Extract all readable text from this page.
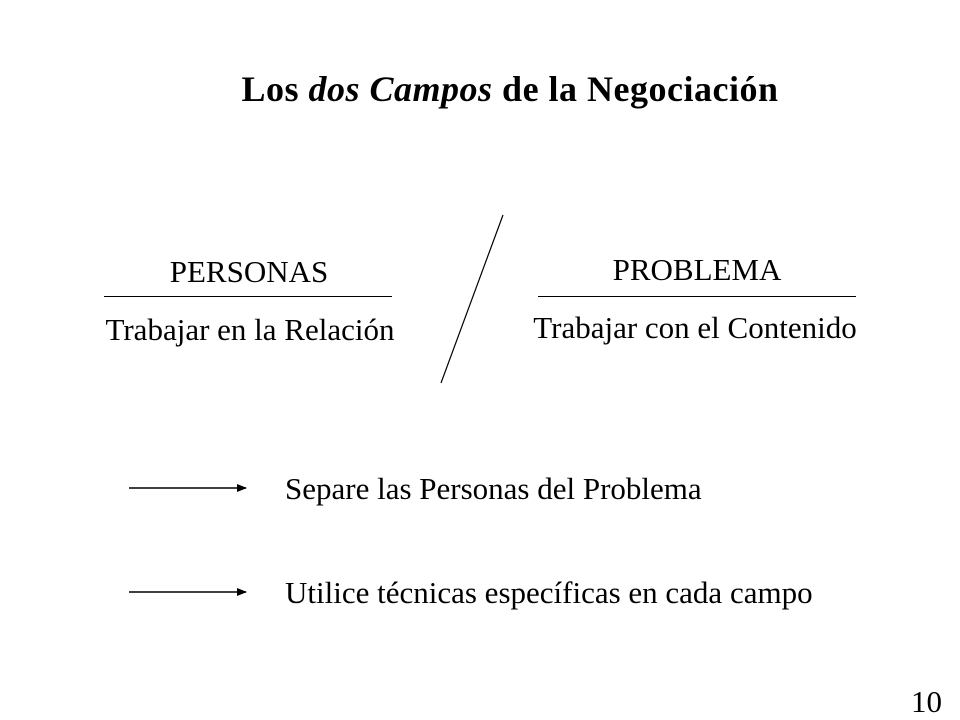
Los dos Campos de la Negociación
PERSONAS
Trabajar en la Relación
PROBLEMA
Trabajar con el Contenido
Separe las Personas del Problema
Utilice técnicas específicas en cada campo
10
